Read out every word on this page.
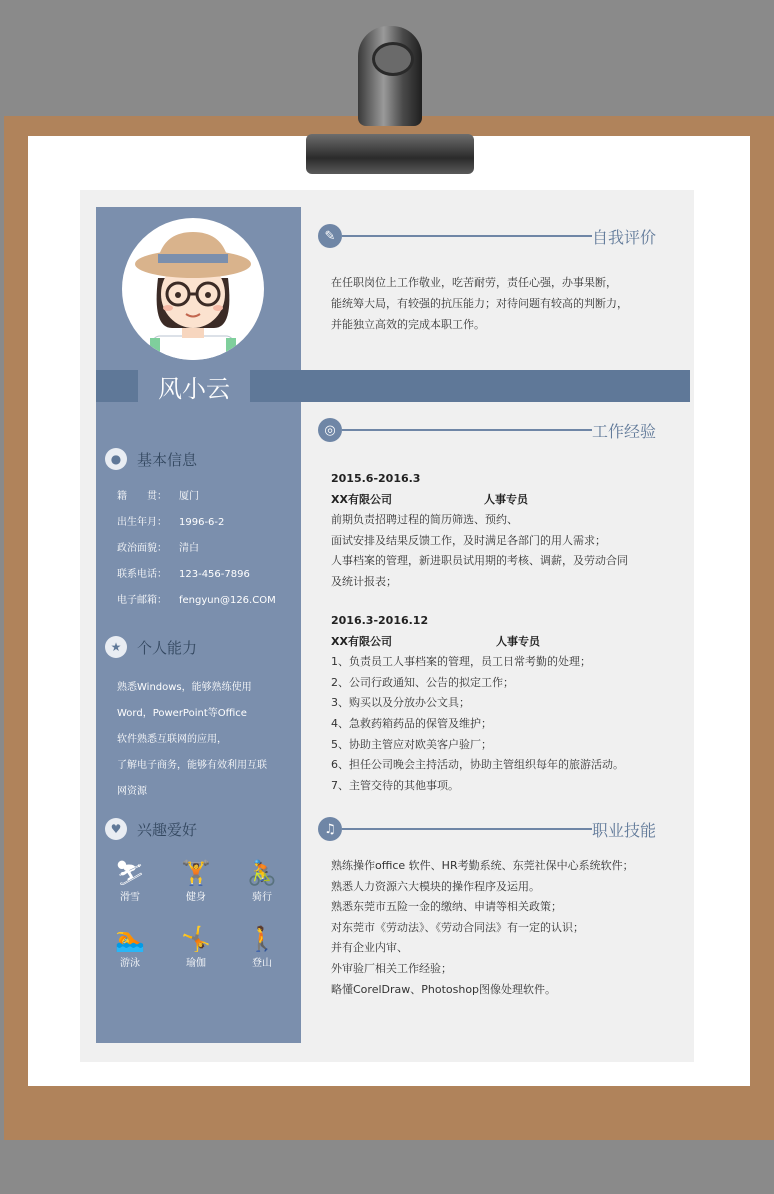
风小云
●	基本信息
籍　　贯： 厦门
出生年月： 1996-6-2
政治面貌： 清白
联系电话： 123-456-7896
电子邮箱： fengyun@126.COM
★	个人能力
熟悉Windows，能够熟练使用
Word，PowerPoint等Office
软件熟悉互联网的应用，
了解电子商务，能够有效利用互联
网资源
♥	兴趣爱好
⛷
滑雪
🏋
健身
🚴
骑行
🏊
游泳
🤸
瑜伽
🚶
登山
✎	自我评价
在任职岗位上工作敬业，吃苦耐劳，责任心强，办事果断，
能统筹大局，有较强的抗压能力；对待问题有较高的判断力，
并能独立高效的完成本职工作。
◎	工作经验
2015.6-2016.3
XX有限公司	人事专员
前期负责招聘过程的简历筛选、预约、
面试安排及结果反馈工作，及时满足各部门的用人需求；
人事档案的管理，新进职员试用期的考核、调薪，及劳动合同
及统计报表；
2016.3-2016.12
XX有限公司	人事专员
1、负责员工人事档案的管理，员工日常考勤的处理；
2、公司行政通知、公告的拟定工作；
3、购买以及分放办公文具；
4、急救药箱药品的保管及维护；
5、协助主管应对欧美客户验厂；
6、担任公司晚会主持活动，协助主管组织每年的旅游活动。
7、主管交待的其他事项。
♫	职业技能
熟练操作office 软件、HR考勤系统、东莞社保中心系统软件；
熟悉人力资源六大模块的操作程序及运用。
熟悉东莞市五险一金的缴纳、申请等相关政策；
对东莞市《劳动法》、《劳动合同法》有一定的认识；
并有企业内审、
外审验厂相关工作经验；
略懂CorelDraw、Photoshop图像处理软件。
